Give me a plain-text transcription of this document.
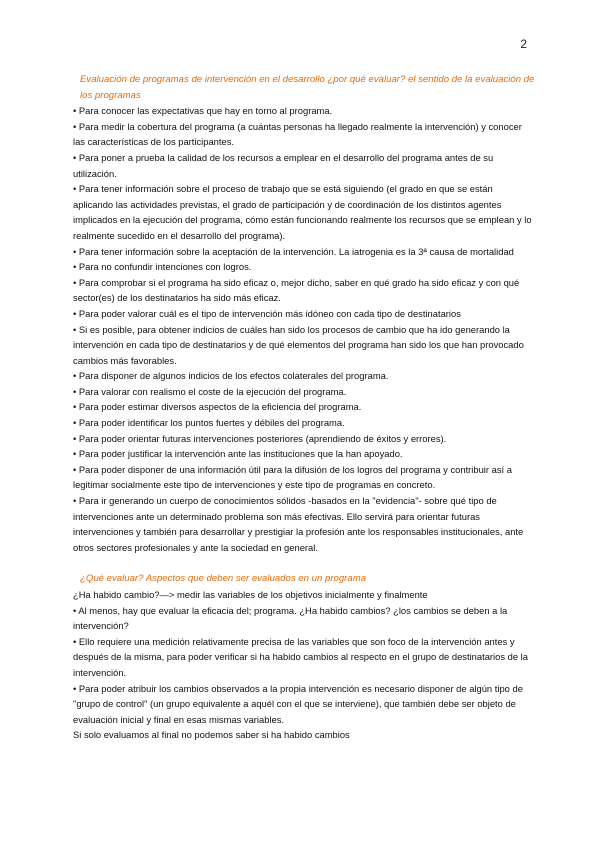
2

Evaluación de programas de intervención en el desarrollo ¿por qué evaluar? el sentido de la evaluación de los programas

• Para conocer las expectativas que hay en torno al programa.

• Para medir la cobertura del programa (a cuántas personas ha llegado realmente la intervención) y conocer las características de los participantes.

• Para poner a prueba la calidad de los recursos a emplear en el desarrollo del programa antes de su utilización.

• Para tener información sobre el proceso de trabajo que se está siguiendo (el grado en que se están aplicando las actividades previstas, el grado de participación y de coordinación de los distintos agentes implicados en la ejecución del programa, cómo están funcionando realmente los recursos que se emplean y lo realmente sucedido en el desarrollo del programa).

• Para tener información sobre la aceptación de la intervención. La iatrogenia es la 3ª causa de mortalidad

• Para no confundir intenciones con logros.

• Para comprobar si el programa ha sido eficaz o, mejor dicho, saber en qué grado ha sido eficaz y con qué sector(es) de los destinatarios ha sido más eficaz.

• Para poder valorar cuál es el tipo de intervención más idóneo con cada tipo de destinatarios

• Si es posible, para obtener indicios de cuáles han sido los procesos de cambio que ha ido generando la intervención en cada tipo de destinatarios y de qué elementos del programa han sido los que han provocado cambios más favorables.

• Para disponer de algunos indicios de los efectos colaterales del programa.

• Para valorar con realismo el coste de la ejecución del programa.

• Para poder estimar diversos aspectos de la eficiencia del programa.

• Para poder identificar los puntos fuertes y débiles del programa.

• Para poder orientar futuras intervenciones posteriores (aprendiendo de éxitos y errores).

• Para poder justificar la intervención ante las instituciones que la han apoyado.

• Para poder disponer de una información útil para la difusión de los logros del programa y contribuir así a legitimar socialmente este tipo de intervenciones y este tipo de programas en concreto.

• Para ir generando un cuerpo de conocimientos sólidos -basados en la "evidencia"- sobre qué tipo de intervenciones ante un determinado problema son más efectivas. Ello servirá para orientar futuras intervenciones y también para desarrollar y prestigiar la profesión ante los responsables institucionales, ante otros sectores profesionales y ante la sociedad en general.

¿Qué evaluar? Aspectos que deben ser evaluados en un programa

¿Ha habido cambio?—> medir las variables de los objetivos inicialmente y finalmente

• Al menos, hay que evaluar la eficacia del; programa. ¿Ha habido cambios? ¿los cambios se deben a la intervención?

• Ello requiere una medición relativamente precisa de las variables que son foco de la intervención antes y después de la misma, para poder verificar si ha habido cambios al respecto en el grupo de destinatarios de la intervención.

• Para poder atribuir los cambios observados a la propia intervención es necesario disponer de algún tipo de "grupo de control" (un grupo equivalente a aquél con el que se interviene), que también debe ser objeto de evaluación inicial y final en esas mismas variables.

Si solo evaluamos al final no podemos saber si ha habido cambios
